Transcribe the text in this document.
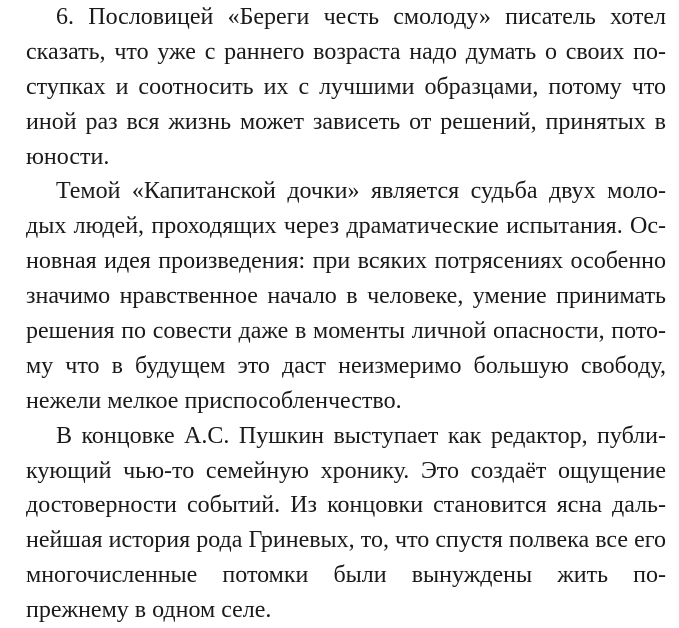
6. Пословицей «Береги честь смолоду» писатель хотел
сказать, что уже с раннего возраста надо думать о своих по-
ступках и соотносить их с лучшими образцами, потому что
иной раз вся жизнь может зависеть от решений, принятых в
юности.
Темой «Капитанской дочки» является судьба двух моло-
дых людей, проходящих через драматические испытания. Ос-
новная идея произведения: при всяких потрясениях особенно
значимо нравственное начало в человеке, умение принимать
решения по совести даже в моменты личной опасности, пото-
му что в будущем это даст неизмеримо большую свободу,
нежели мелкое приспособленчество.
В концовке А.С. Пушкин выступает как редактор, публи-
кующий чью-то семейную хронику. Это создаёт ощущение
достоверности событий. Из концовки становится ясна даль-
нейшая история рода Гриневых, то, что спустя полвека все его
многочисленные потомки были вынуждены жить по-
прежнему в одном селе.
